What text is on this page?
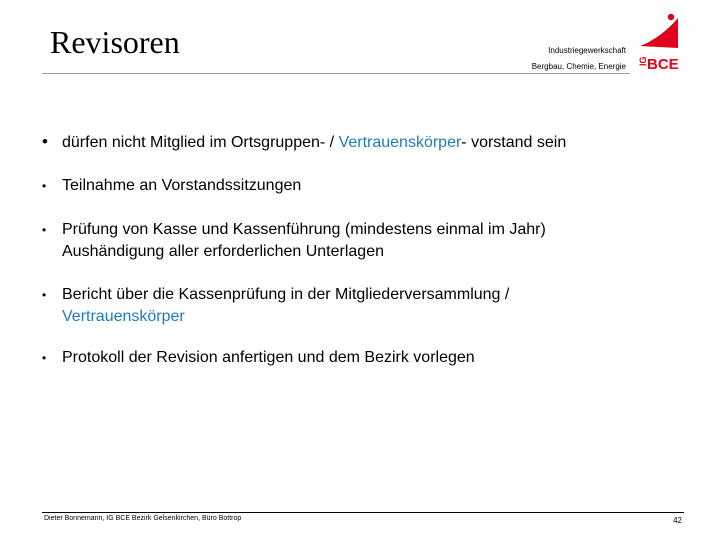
Revisoren	Industriegewerkschaft
Bergbau, Chemie, Energie
IG BCE
• dürfen nicht Mitglied im Ortsgruppen- / Vertrauenskörper- vorstand sein
• Teilnahme an Vorstandssitzungen
• Prüfung von Kasse und Kassenführung (mindestens einmal im Jahr)
Aushändigung aller erforderlichen Unterlagen
• Bericht über die Kassenprüfung in der Mitgliederversammlung /
Vertrauenskörper
• Protokoll der Revision anfertigen und dem Bezirk vorlegen
Dieter Bonnemann, IG BCE Bezirk Gelsenkirchen, Büro Bottrop	42
